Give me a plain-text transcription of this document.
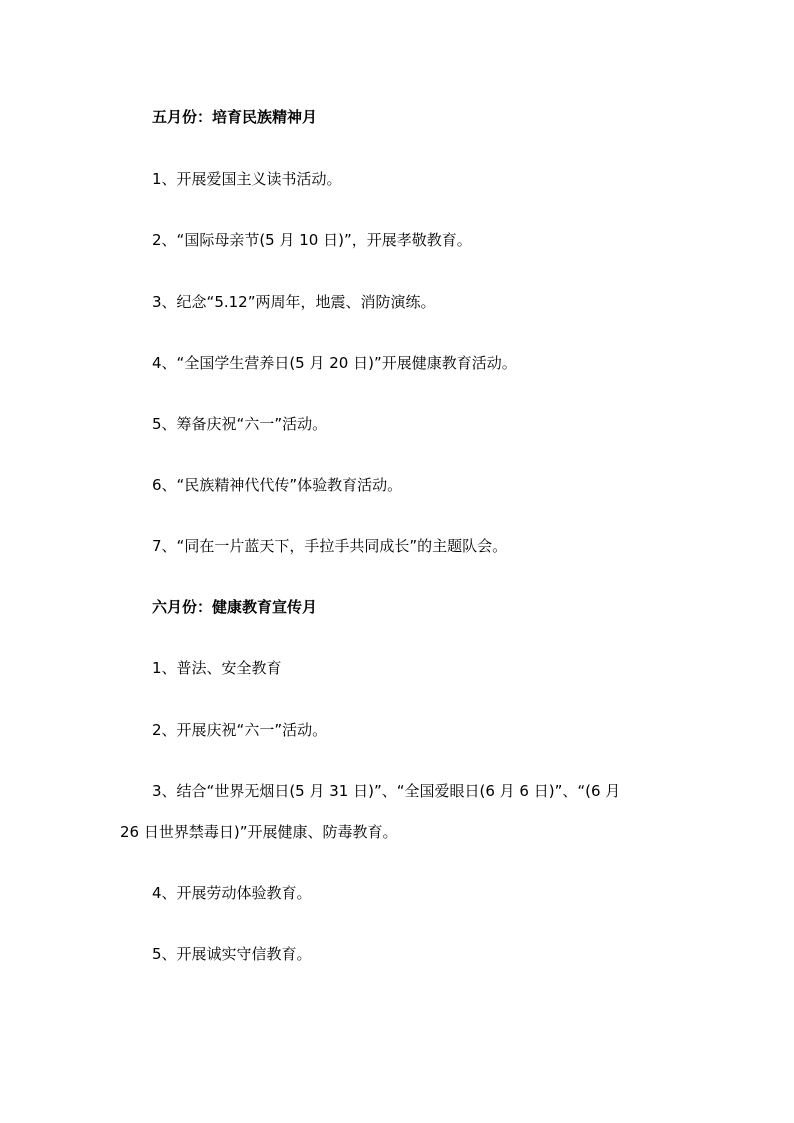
五月份：培育民族精神月
1、开展爱国主义读书活动。
2、“国际母亲节(5 月 10 日)”，开展孝敬教育。
3、纪念“5.12”两周年，地震、消防演练。
4、“全国学生营养日(5 月 20 日)”开展健康教育活动。
5、筹备庆祝“六一”活动。
6、“民族精神代代传”体验教育活动。
7、“同在一片蓝天下，手拉手共同成长”的主题队会。
六月份：健康教育宣传月
1、普法、安全教育
2、开展庆祝“六一”活动。
3、结合“世界无烟日(5 月 31 日)”、“全国爱眼日(6 月 6 日)”、“(6 月
26 日世界禁毒日)”开展健康、防毒教育。
4、开展劳动体验教育。
5、开展诚实守信教育。
